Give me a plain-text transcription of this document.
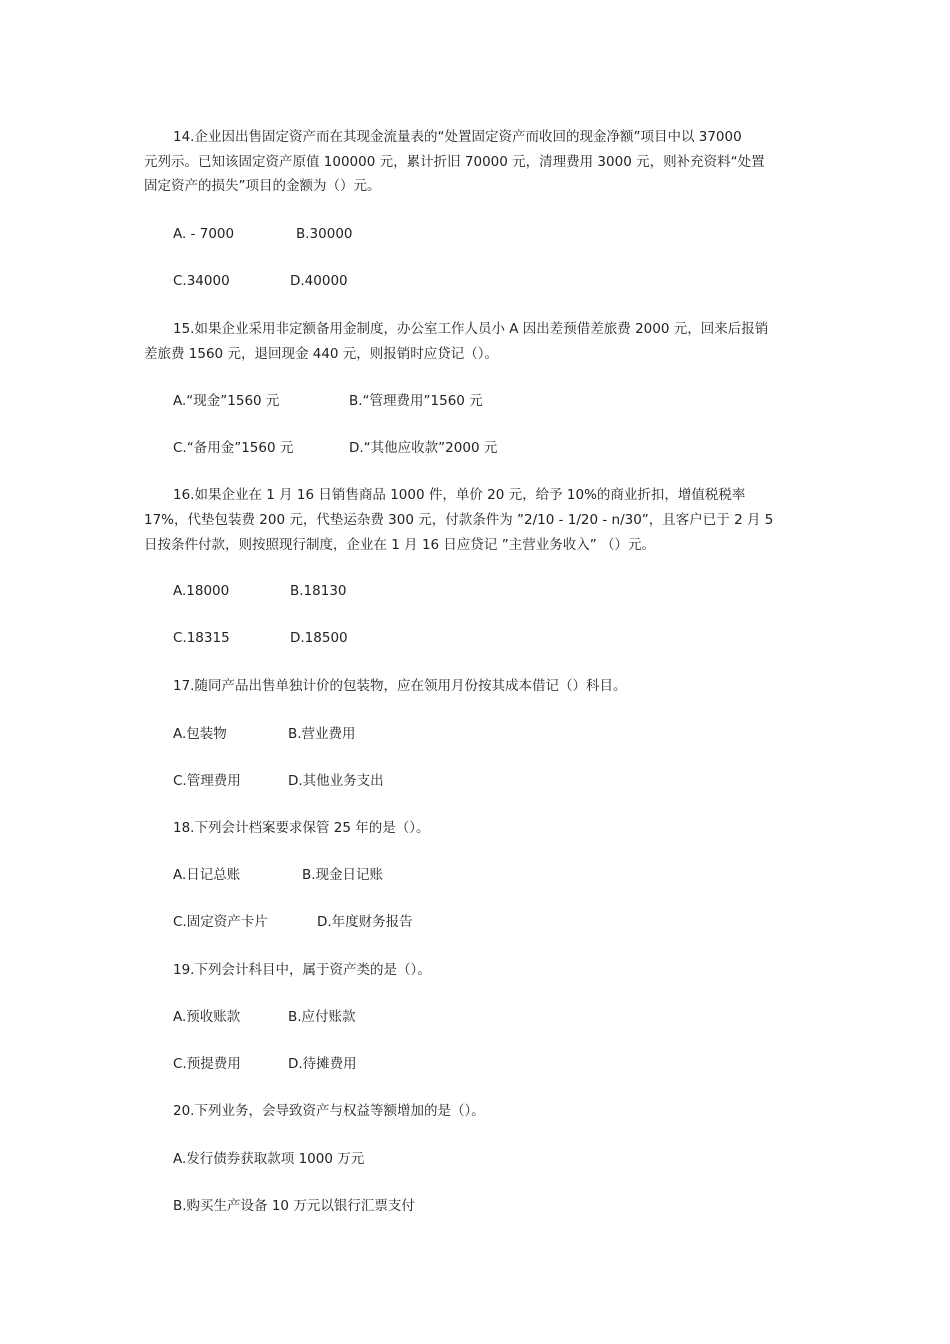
14.企业因出售固定资产而在其现金流量表的“处置固定资产而收回的现金净额”项目中以 37000
元列示。已知该固定资产原值 100000 元，累计折旧 70000 元，清理费用 3000 元，则补充资料“处置
固定资产的损失”项目的金额为（）元。
A. - 7000	B.30000
C.34000	D.40000
15.如果企业采用非定额备用金制度，办公室工作人员小 A 因出差预借差旅费 2000 元，回来后报销
差旅费 1560 元，退回现金 440 元，则报销时应贷记（）。
A.“现金”1560 元	B.“管理费用”1560 元
C.“备用金”1560 元	D.“其他应收款”2000 元
16.如果企业在 1 月 16 日销售商品 1000 件，单价 20 元，给予 10%的商业折扣，增值税税率
17%，代垫包装费 200 元，代垫运杂费 300 元，付款条件为 ”2/10 - 1/20 - n/30”，且客户已于 2 月 5
日按条件付款，则按照现行制度，企业在 1 月 16 日应贷记 ”主营业务收入” （）元。
A.18000	B.18130
C.18315	D.18500
17.随同产品出售单独计价的包装物，应在领用月份按其成本借记（）科目。
A.包装物	B.营业费用
C.管理费用	D.其他业务支出
18.下列会计档案要求保管 25 年的是（）。
A.日记总账	B.现金日记账
C.固定资产卡片	D.年度财务报告
19.下列会计科目中，属于资产类的是（）。
A.预收账款	B.应付账款
C.预提费用	D.待摊费用
20.下列业务，会导致资产与权益等额增加的是（）。
A.发行债券获取款项 1000 万元
B.购买生产设备 10 万元以银行汇票支付
